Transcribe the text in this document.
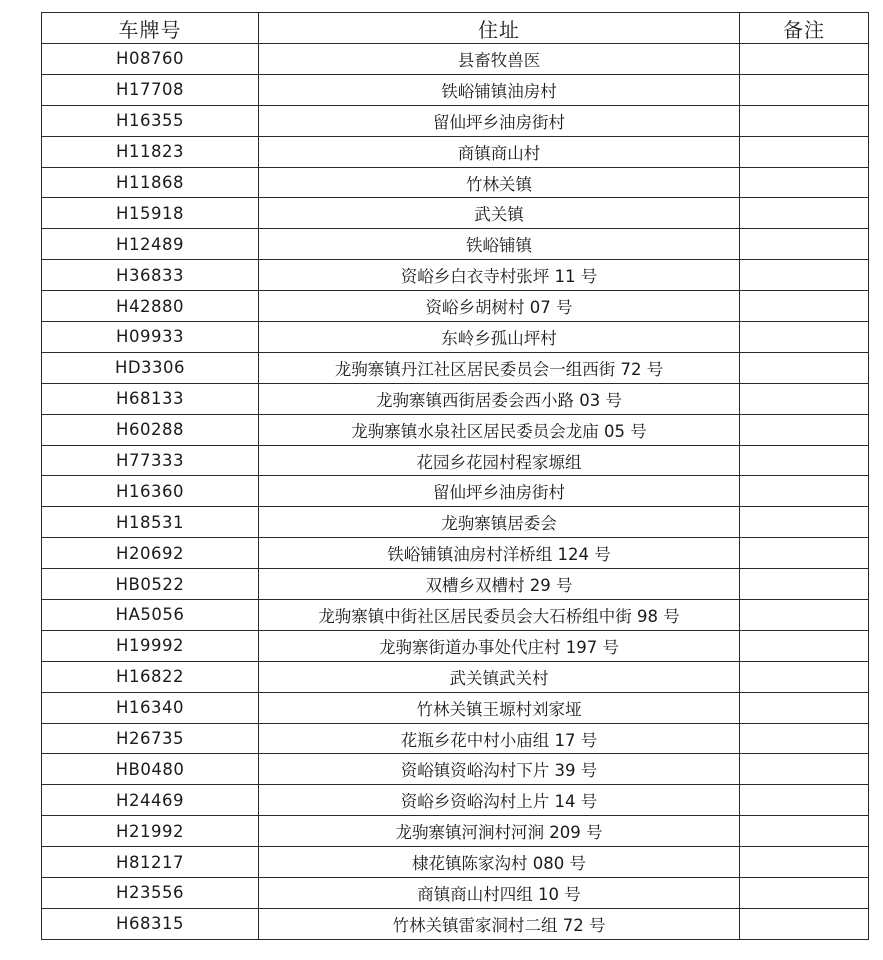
车牌号	住址	备注
H08760	县畜牧兽医	
H17708	铁峪铺镇油房村	
H16355	留仙坪乡油房街村	
H11823	商镇商山村	
H11868	竹林关镇	
H15918	武关镇	
H12489	铁峪铺镇	
H36833	资峪乡白衣寺村张坪 11 号	
H42880	资峪乡胡树村 07 号	
H09933	东岭乡孤山坪村	
HD3306	龙驹寨镇丹江社区居民委员会一组西街 72 号	
H68133	龙驹寨镇西街居委会西小路 03 号	
H60288	龙驹寨镇水泉社区居民委员会龙庙 05 号	
H77333	花园乡花园村程家塬组	
H16360	留仙坪乡油房街村	
H18531	龙驹寨镇居委会	
H20692	铁峪铺镇油房村洋桥组 124 号	
HB0522	双槽乡双槽村 29 号	
HA5056	龙驹寨镇中街社区居民委员会大石桥组中街 98 号	
H19992	龙驹寨街道办事处代庄村 197 号	
H16822	武关镇武关村	
H16340	竹林关镇王塬村刘家垭	
H26735	花瓶乡花中村小庙组 17 号	
HB0480	资峪镇资峪沟村下片 39 号	
H24469	资峪乡资峪沟村上片 14 号	
H21992	龙驹寨镇河涧村河涧 209 号	
H81217	棣花镇陈家沟村 080 号	
H23556	商镇商山村四组 10 号	
H68315	竹林关镇雷家洞村二组 72 号	
